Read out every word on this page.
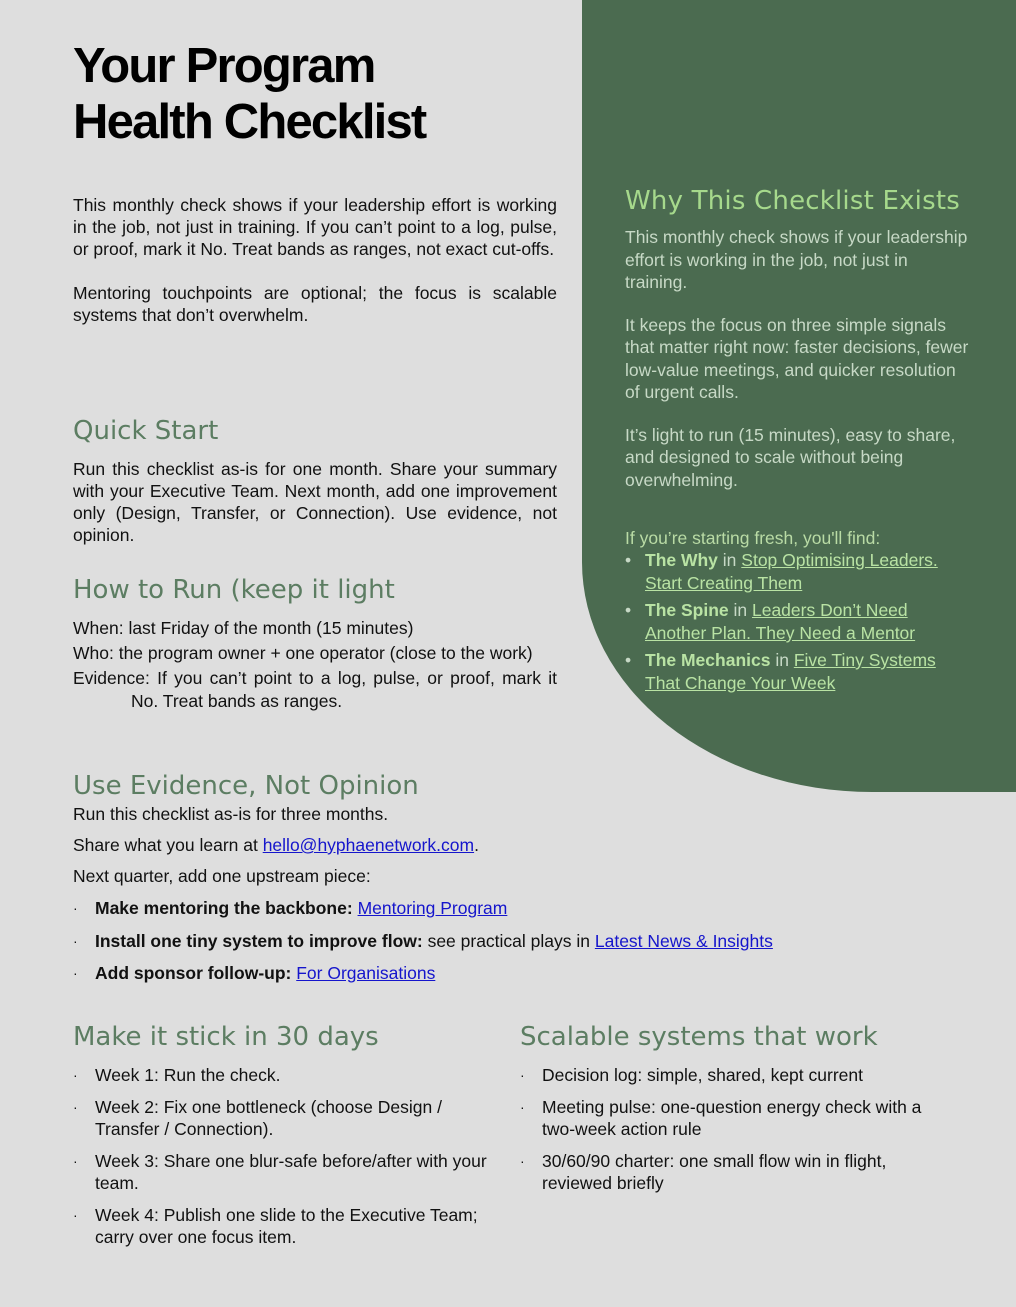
Why This Checklist Exists

This monthly check shows if your leadership effort is working in the job, not just in training.

It keeps the focus on three simple signals that matter right now: faster decisions, fewer low-value meetings, and quicker resolution of urgent calls.

It’s light to run (15 minutes), easy to share, and designed to scale without being overwhelming.

If you’re starting fresh, you'll find:
• The Why in Stop Optimising Leaders. Start Creating Them
• The Spine in Leaders Don’t Need Another Plan. They Need a Mentor
• The Mechanics in Five Tiny Systems That Change Your Week
Your Program
Health Checklist

This monthly check shows if your leadership effort is working in the job, not just in training. If you can’t point to a log, pulse, or proof, mark it No. Treat bands as ranges, not exact cut-offs.

Mentoring touchpoints are optional; the focus is scalable systems that don’t overwhelm.

Quick Start

Run this checklist as-is for one month. Share your summary with your Executive Team. Next month, add one improvement only (Design, Transfer, or Connection). Use evidence, not opinion.

How to Run (keep it light

When: last Friday of the month (15 minutes)

Who: the program owner + one operator (close to the work)

Evidence: If you can’t point to a log, pulse, or proof, mark it No. Treat bands as ranges.

Use Evidence, Not Opinion

Run this checklist as-is for three months.

Share what you learn at hello@hyphaenetwork.com.

Next quarter, add one upstream piece:

· Make mentoring the backbone: Mentoring Program
· Install one tiny system to improve flow: see practical plays in Latest News & Insights
· Add sponsor follow-up: For Organisations
Make it stick in 30 days
· Week 1: Run the check.
· Week 2: Fix one bottleneck (choose Design / Transfer / Connection).
· Week 3: Share one blur-safe before/after with your team.
· Week 4: Publish one slide to the Executive Team; carry over one focus item.
Scalable systems that work
· Decision log: simple, shared, kept current
· Meeting pulse: one-question energy check with a two-week action rule
· 30/60/90 charter: one small flow win in flight, reviewed briefly
